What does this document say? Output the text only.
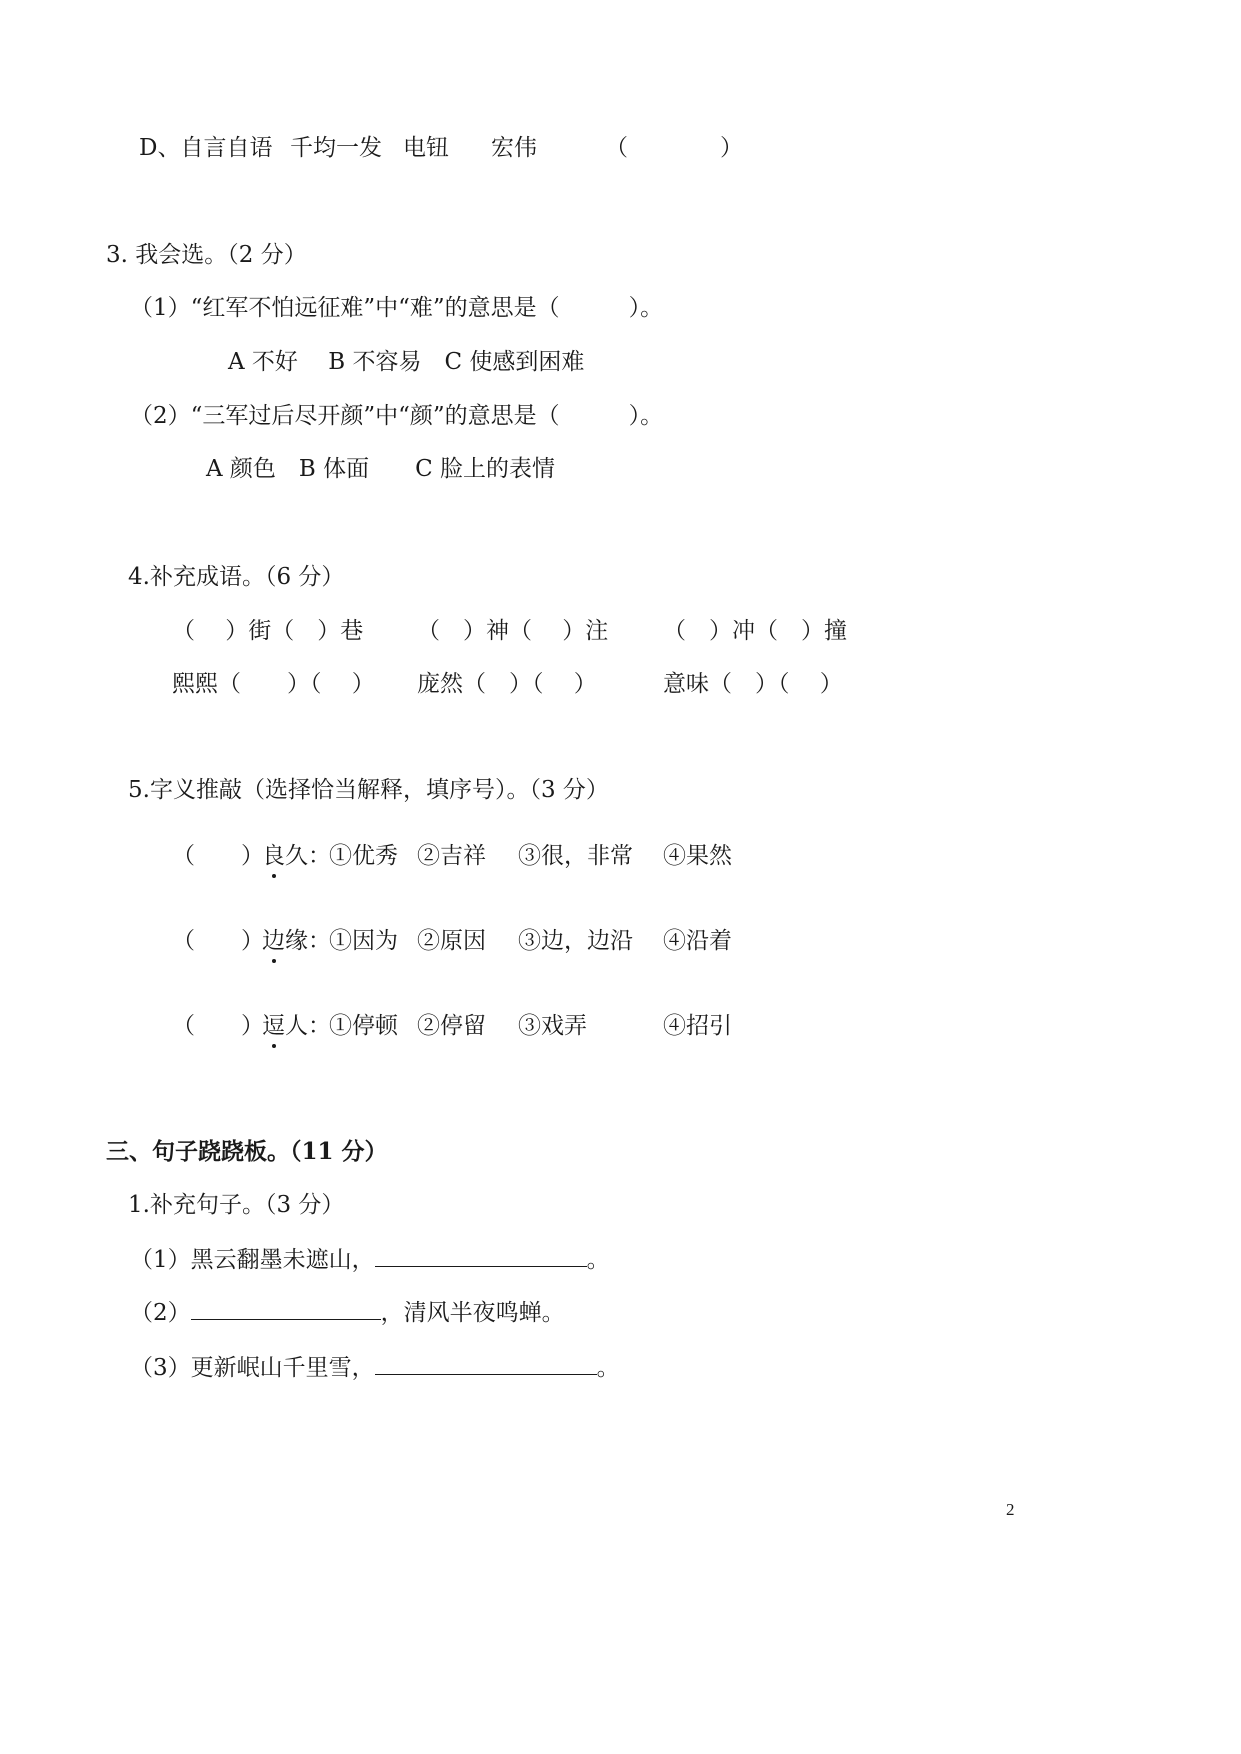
D、自言自语 千均一发 电钮 宏伟	（　　　　）
3. 我会选。（2 分）
（1）“红军不怕远征难”中“难”的意思是（　　　）。
A 不好　 B 不容易　C 使感到困难
（2）“三军过后尽开颜”中“颜”的意思是（　　　）。
A 颜色　B 体面　　C 脸上的表情
4.补充成语。（6 分）
（　 ）街（　）巷 （　）神（　 ）注 （　）冲（　）撞
熙熙（　　）（　 ） 庞然（　）（　 ）	意味（　）（　 ）
5.字义推敲（选择恰当解释，填序号）。（3 分）
（　　）
良久：
①优秀 ②吉祥 ③很，非常 ④果然
（　　）
边缘：
①因为 ②原因 ③边，边沿 ④沿着
（　　）
逗人：
①停顿 ②停留 ③戏弄	④招引
三、句子跷跷板。（11 分）
1.补充句子。（3 分）
（1）黑云翻墨未遮山，	。
（2）	，清风半夜鸣蝉。
（3）更新岷山千里雪，	。
2
